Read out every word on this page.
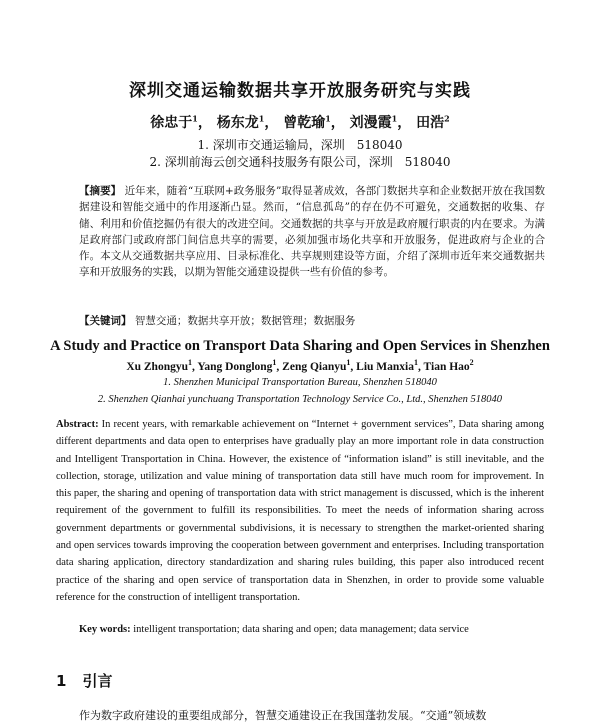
深圳交通运输数据共享开放服务研究与实践
徐忠于$^1$， 杨东龙$^1$， 曾乾瑜$^1$， 刘漫霞$^1$， 田浩$^2$
1. 深圳市交通运输局，深圳　518040
2. 深圳前海云创交通科技服务有限公司，深圳　518040
【摘要】 近年来，随着“互联网+政务服务”取得显著成效，各部门数据共享和企业数据开放在我国数据建设和智能交通中的作用逐渐凸显。然而，“信息孤岛”的存在仍不可避免，交通数据的收集、存储、利用和价值挖掘仍有很大的改进空间。交通数据的共享与开放是政府履行职责的内在要求。为满足政府部门或政府部门间信息共享的需要，必须加强市场化共享和开放服务，促进政府与企业的合作。本文从交通数据共享应用、目录标准化、共享规则建设等方面，介绍了深圳市近年来交通数据共享和开放服务的实践，以期为智能交通建设提供一些有价值的参考。
【关键词】 智慧交通；数据共享开放；数据管理；数据服务
A Study and Practice on Transport Data Sharing and Open Services in Shenzhen
Xu Zhongyu$^1$, Yang Donglong$^1$, Zeng Qianyu$^1$, Liu Manxia$^1$, Tian Hao$^2$
1. Shenzhen Municipal Transportation Bureau, Shenzhen 518040
2. Shenzhen Qianhai yunchuang Transportation Technology Service Co., Ltd., Shenzhen 518040
Abstract: In recent years, with remarkable achievement on “Internet + government services”, Data sharing among different departments and data open to enterprises have gradually play an more important role in data construction and Intelligent Transportation in China. However, the existence of “information island” is still inevitable, and the collection, storage, utilization and value mining of transportation data still have much room for improvement. In this paper, the sharing and opening of transportation data with strict management is discussed, which is the inherent requirement of the government to fulfill its responsibilities. To meet the needs of information sharing across government departments or governmental subdivisions, it is necessary to strengthen the market-oriented sharing and open services towards improving the cooperation between government and enterprises. Including transportation data sharing application, directory standardization and sharing rules building, this paper also introduced recent practice of the sharing and open service of transportation data in Shenzhen, in order to provide some valuable reference for the construction of intelligent transportation.
Key words: intelligent transportation; data sharing and open; data management; data service
1 引言
作为数字政府建设的重要组成部分，智慧交通建设正在我国蓬勃发展。“交通”领域数
